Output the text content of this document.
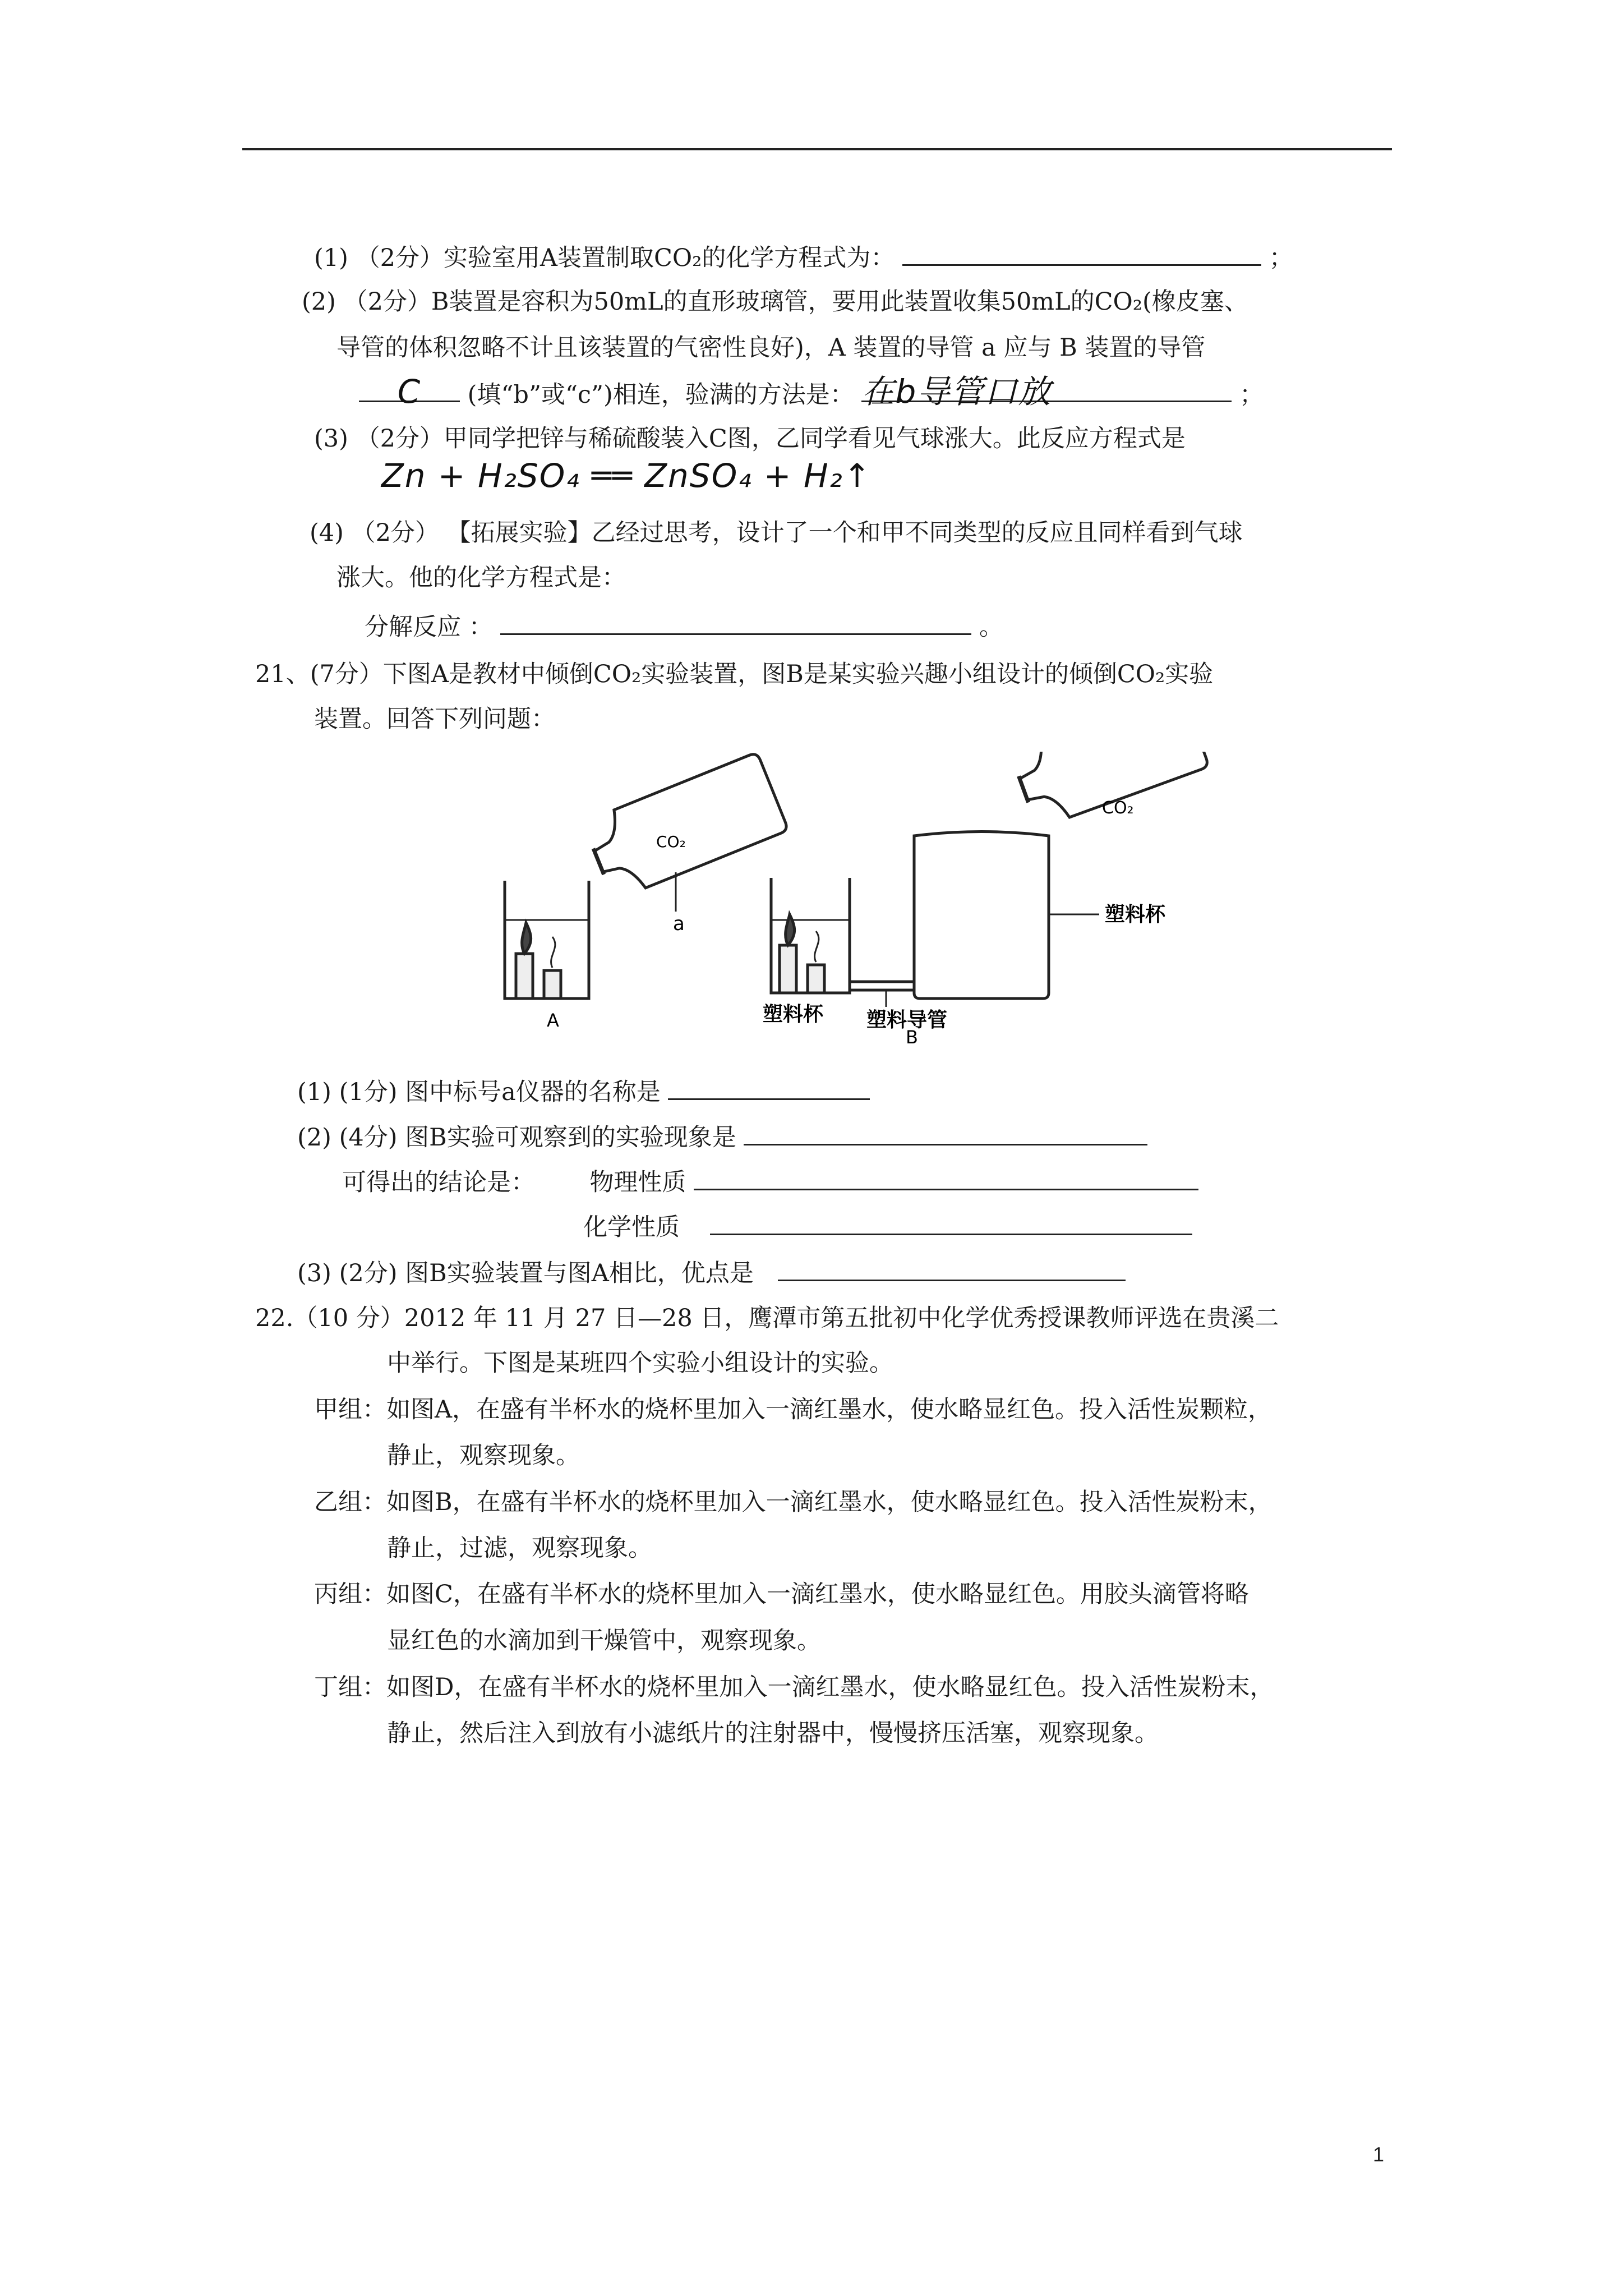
(1) （2分）实验室用A装置制取CO₂的化学方程式为：	；
(2) （2分）B装置是容积为50mL的直形玻璃管，要用此装置收集50mL的CO₂(橡皮塞、
导管的体积忽略不计且该装置的气密性良好)，A 装置的导管 a 应与 B 装置的导管
C (填“b”或“c”)相连，验满的方法是： 在b导管口放	；
(3) （2分）甲同学把锌与稀硫酸装入C图，乙同学看见气球涨大。此反应方程式是
Zn + H₂SO₄ ══ ZnSO₄ + H₂↑
(4) （2分） 【拓展实验】乙经过思考，设计了一个和甲不同类型的反应且同样看到气球
涨大。他的化学方程式是：
分解反应 ：	。
21、(7分）下图A是教材中倾倒CO₂实验装置，图B是某实验兴趣小组设计的倾倒CO₂实验
装置。回答下列问题：
CO₂
a
A
CO₂
塑料杯
塑料杯 塑料导管
B
(1) (1分) 图中标号a仪器的名称是
(2) (4分) 图B实验可观察到的实验现象是
可得出的结论是： 物理性质
化学性质
(3) (2分) 图B实验装置与图A相比，优点是
22.（10 分）2012 年 11 月 27 日—28 日，鹰潭市第五批初中化学优秀授课教师评选在贵溪二
中举行。下图是某班四个实验小组设计的实验。
甲组：如图A，在盛有半杯水的烧杯里加入一滴红墨水，使水略显红色。投入活性炭颗粒，
静止，观察现象。
乙组：如图B，在盛有半杯水的烧杯里加入一滴红墨水，使水略显红色。投入活性炭粉末，
静止，过滤，观察现象。
丙组：如图C，在盛有半杯水的烧杯里加入一滴红墨水，使水略显红色。用胶头滴管将略
显红色的水滴加到干燥管中，观察现象。
丁组：如图D，在盛有半杯水的烧杯里加入一滴红墨水，使水略显红色。投入活性炭粉末，
静止，然后注入到放有小滤纸片的注射器中，慢慢挤压活塞，观察现象。
1
